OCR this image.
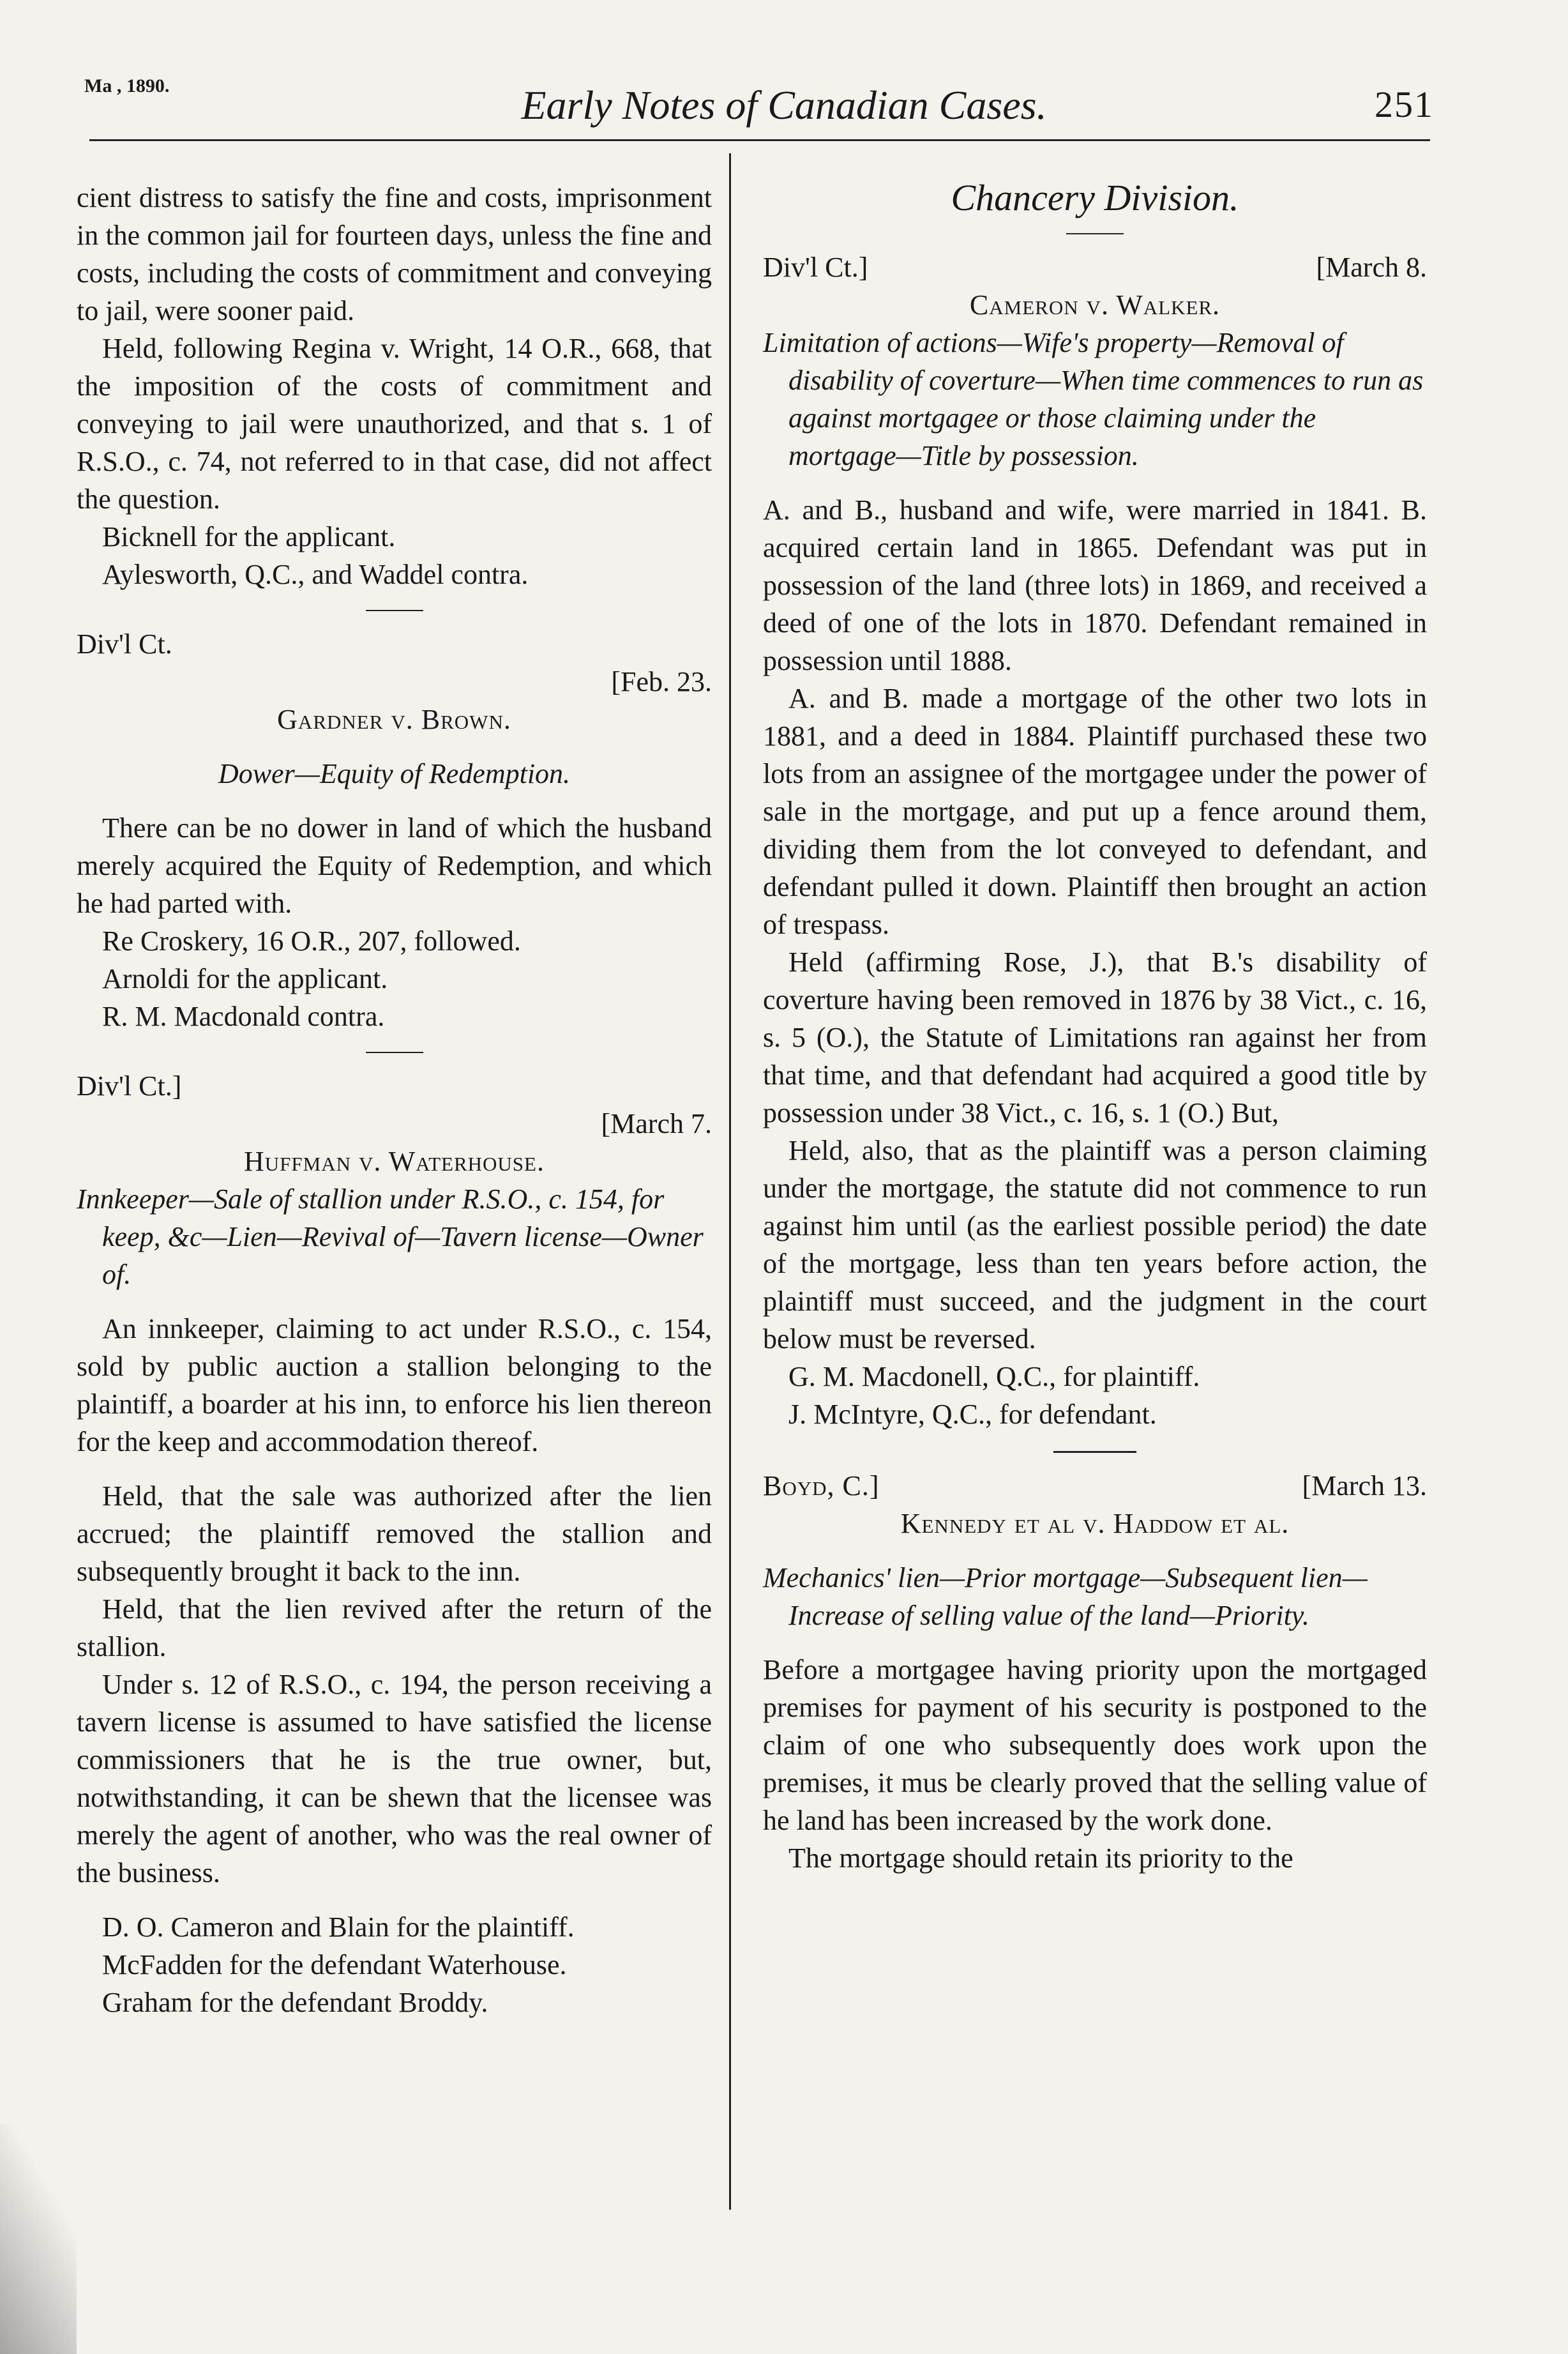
Ma , 1890.	Early Notes of Canadian Cases.	251

cient distress to satisfy the fine and costs, imprisonment in the common jail for fourteen days, unless the fine and costs, including the costs of commitment and conveying to jail, were sooner paid.

Held, following Regina v. Wright, 14 O.R., 668, that the imposition of the costs of commitment and conveying to jail were unauthorized, and that s. 1 of R.S.O., c. 74, not referred to in that case, did not affect the question.

Bicknell for the applicant.

Aylesworth, Q.C., and Waddel contra.

Div'l Ct.

[Feb. 23.

Gardner v. Brown.

Dower—Equity of Redemption.

There can be no dower in land of which the husband merely acquired the Equity of Redemption, and which he had parted with.

Re Croskery, 16 O.R., 207, followed.

Arnoldi for the applicant.

R. M. Macdonald contra.

Div'l Ct.]

[March 7.

Huffman v. Waterhouse.

Innkeeper—Sale of stallion under R.S.O., c. 154, for keep, &c—Lien—Revival of—Tavern license—Owner of.

An innkeeper, claiming to act under R.S.O., c. 154, sold by public auction a stallion belonging to the plaintiff, a boarder at his inn, to enforce his lien thereon for the keep and accommodation thereof.

Held, that the sale was authorized after the lien accrued; the plaintiff removed the stallion and subsequently brought it back to the inn.

Held, that the lien revived after the return of the stallion.

Under s. 12 of R.S.O., c. 194, the person receiving a tavern license is assumed to have satisfied the license commissioners that he is the true owner, but, notwithstanding, it can be shewn that the licensee was merely the agent of another, who was the real owner of the business.

D. O. Cameron and Blain for the plaintiff.

McFadden for the defendant Waterhouse.

Graham for the defendant Broddy.

Chancery Division.

Div'l Ct.]	[March 8.

Cameron v. Walker.

Limitation of actions—Wife's property—Removal of disability of coverture—When time commences to run as against mortgagee or those claiming under the mortgage—Title by possession.

A. and B., husband and wife, were married in 1841. B. acquired certain land in 1865. Defendant was put in possession of the land (three lots) in 1869, and received a deed of one of the lots in 1870. Defendant remained in possession until 1888.

A. and B. made a mortgage of the other two lots in 1881, and a deed in 1884. Plaintiff purchased these two lots from an assignee of the mortgagee under the power of sale in the mortgage, and put up a fence around them, dividing them from the lot conveyed to defendant, and defendant pulled it down. Plaintiff then brought an action of trespass.

Held (affirming Rose, J.), that B.'s disability of coverture having been removed in 1876 by 38 Vict., c. 16, s. 5 (O.), the Statute of Limitations ran against her from that time, and that defendant had acquired a good title by possession under 38 Vict., c. 16, s. 1 (O.) But,

Held, also, that as the plaintiff was a person claiming under the mortgage, the statute did not commence to run against him until (as the earliest possible period) the date of the mortgage, less than ten years before action, the plaintiff must succeed, and the judgment in the court below must be reversed.

G. M. Macdonell, Q.C., for plaintiff.

J. McIntyre, Q.C., for defendant.

Boyd, C.]	[March 13.

Kennedy et al v. Haddow et al.

Mechanics' lien—Prior mortgage—Subsequent lien—Increase of selling value of the land—Priority.

Before a mortgagee having priority upon the mortgaged premises for payment of his security is postponed to the claim of one who subsequently does work upon the premises, it mus be clearly proved that the selling value of he land has been increased by the work done.

The mortgage should retain its priority to the
